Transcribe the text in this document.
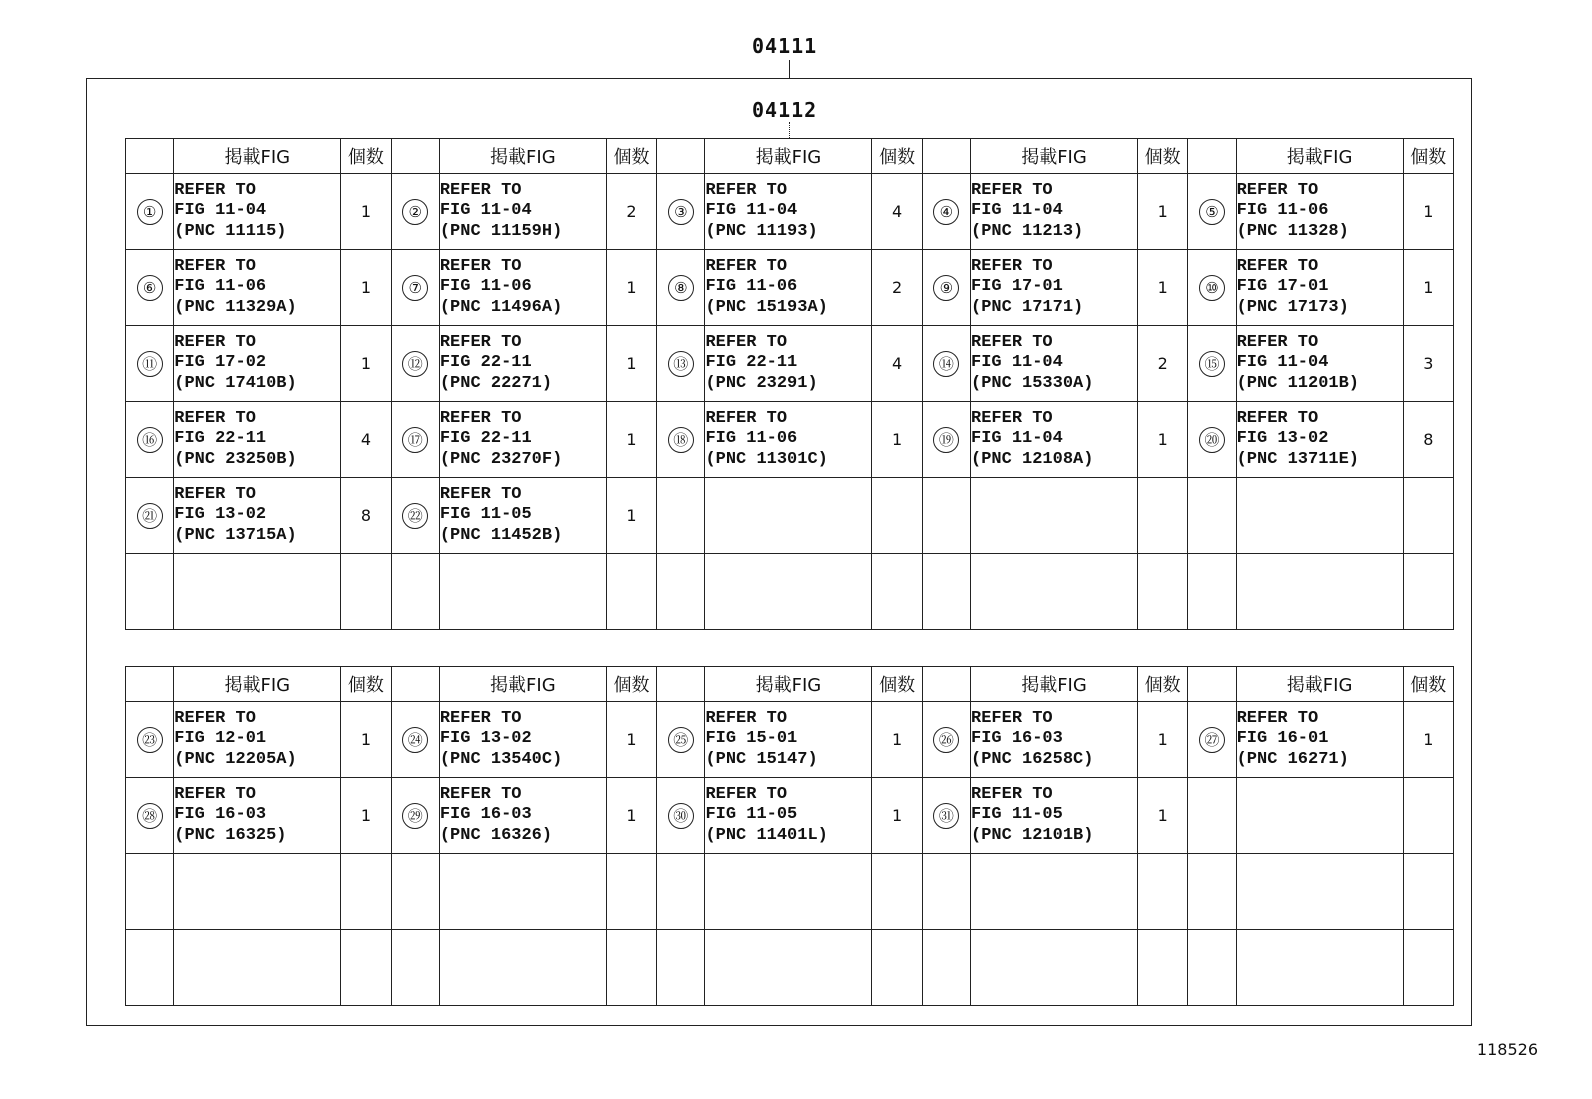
04111
04112
	掲載FIG	個数		掲載FIG	個数		掲載FIG	個数		掲載FIG	個数		掲載FIG	個数
①	REFER TO
FIG 11-04
(PNC 11115)	1	②	REFER TO
FIG 11-04
(PNC 11159H)	2	③	REFER TO
FIG 11-04
(PNC 11193)	4	④	REFER TO
FIG 11-04
(PNC 11213)	1	⑤	REFER TO
FIG 11-06
(PNC 11328)	1
⑥	REFER TO
FIG 11-06
(PNC 11329A)	1	⑦	REFER TO
FIG 11-06
(PNC 11496A)	1	⑧	REFER TO
FIG 11-06
(PNC 15193A)	2	⑨	REFER TO
FIG 17-01
(PNC 17171)	1	⑩	REFER TO
FIG 17-01
(PNC 17173)	1
⑪	REFER TO
FIG 17-02
(PNC 17410B)	1	⑫	REFER TO
FIG 22-11
(PNC 22271)	1	⑬	REFER TO
FIG 22-11
(PNC 23291)	4	⑭	REFER TO
FIG 11-04
(PNC 15330A)	2	⑮	REFER TO
FIG 11-04
(PNC 11201B)	3
⑯	REFER TO
FIG 22-11
(PNC 23250B)	4	⑰	REFER TO
FIG 22-11
(PNC 23270F)	1	⑱	REFER TO
FIG 11-06
(PNC 11301C)	1	⑲	REFER TO
FIG 11-04
(PNC 12108A)	1	⑳	REFER TO
FIG 13-02
(PNC 13711E)	8
㉑	REFER TO
FIG 13-02
(PNC 13715A)	8	㉒	REFER TO
FIG 11-05
(PNC 11452B)	1									

	掲載FIG	個数		掲載FIG	個数		掲載FIG	個数		掲載FIG	個数		掲載FIG	個数
㉓	REFER TO
FIG 12-01
(PNC 12205A)	1	㉔	REFER TO
FIG 13-02
(PNC 13540C)	1	㉕	REFER TO
FIG 15-01
(PNC 15147)	1	㉖	REFER TO
FIG 16-03
(PNC 16258C)	1	㉗	REFER TO
FIG 16-01
(PNC 16271)	1
㉘	REFER TO
FIG 16-03
(PNC 16325)	1	㉙	REFER TO
FIG 16-03
(PNC 16326)	1	㉚	REFER TO
FIG 11-05
(PNC 11401L)	1	㉛	REFER TO
FIG 11-05
(PNC 12101B)	1			

118526
